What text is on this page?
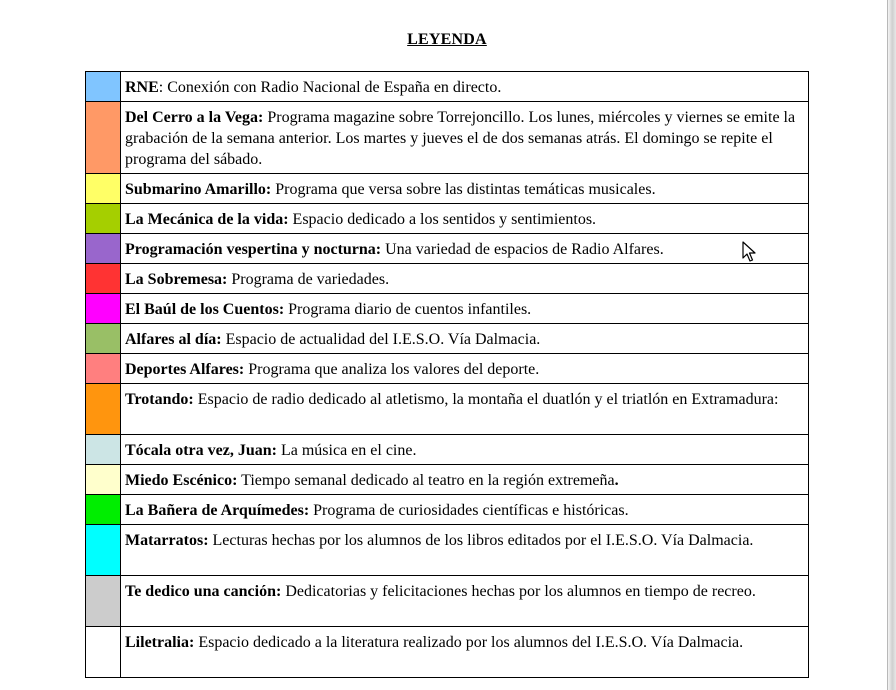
LEYENDA
	RNE: Conexión con Radio Nacional de España en directo.

	Del Cerro a la Vega: Programa magazine sobre Torrejoncillo. Los lunes, miércoles y viernes se emite la grabación de la semana anterior. Los martes y jueves el de dos semanas atrás. El domingo se repite el programa del sábado.

	Submarino Amarillo: Programa que versa sobre las distintas temáticas musicales.

	La Mecánica de la vida: Espacio dedicado a los sentidos y sentimientos.

	Programación vespertina y nocturna: Una variedad de espacios de Radio Alfares.

	La Sobremesa: Programa de variedades.

	El Baúl de los Cuentos: Programa diario de cuentos infantiles.

	Alfares al día: Espacio de actualidad del I.E.S.O. Vía Dalmacia.

	Deportes Alfares: Programa que analiza los valores del deporte.

	Trotando: Espacio de radio dedicado al atletismo, la montaña el duatlón y el triatlón en Extramadura:

	Tócala otra vez, Juan: La música en el cine.

	Miedo Escénico: Tiempo semanal dedicado al teatro en la región extremeña.

	La Bañera de Arquímedes: Programa de curiosidades científicas e históricas.

	Matarratos: Lecturas hechas por los alumnos de los libros editados por el I.E.S.O. Vía Dalmacia.

	Te dedico una canción: Dedicatorias y felicitaciones hechas por los alumnos en tiempo de recreo.

	Liletralia: Espacio dedicado a la literatura realizado por los alumnos del I.E.S.O. Vía Dalmacia.
